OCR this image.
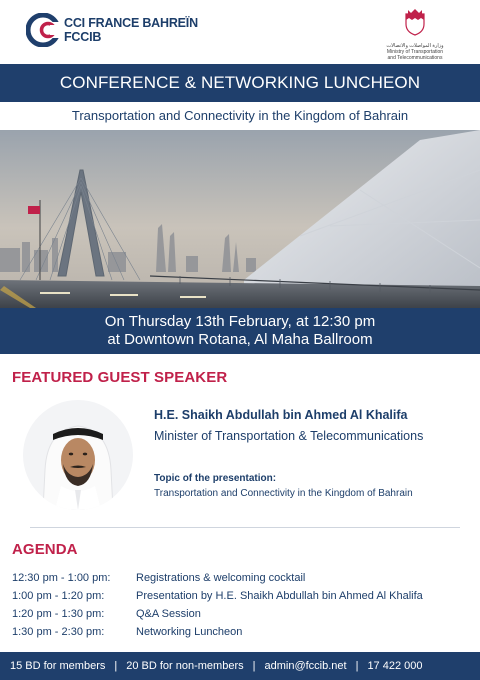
CCI FRANCE BAHREÏN
FCCIB
وزارة المواصلات والاتصالات
Ministry of Transportation and Telecommunications
CONFERENCE & NETWORKING LUNCHEON
Transportation and Connectivity in the Kingdom of Bahrain
On Thursday 13th February, at 12:30 pm
at Downtown Rotana, Al Maha Ballroom
FEATURED GUEST SPEAKER
H.E. Shaikh Abdullah bin Ahmed Al Khalifa
Minister of Transportation & Telecommunications
Topic of the presentation:
Transportation and Connectivity in the Kingdom of Bahrain
AGENDA
12:30 pm - 1:00 pm: Registrations & welcoming cocktail
1:00 pm - 1:20 pm:	Presentation by H.E. Shaikh Abdullah bin Ahmed Al Khalifa
1:20 pm - 1:30 pm:	Q&A Session
1:30 pm - 2:30 pm:	Networking Luncheon
15 BD for members | 20 BD for non-members | admin@fccib.net | 17 422 000
